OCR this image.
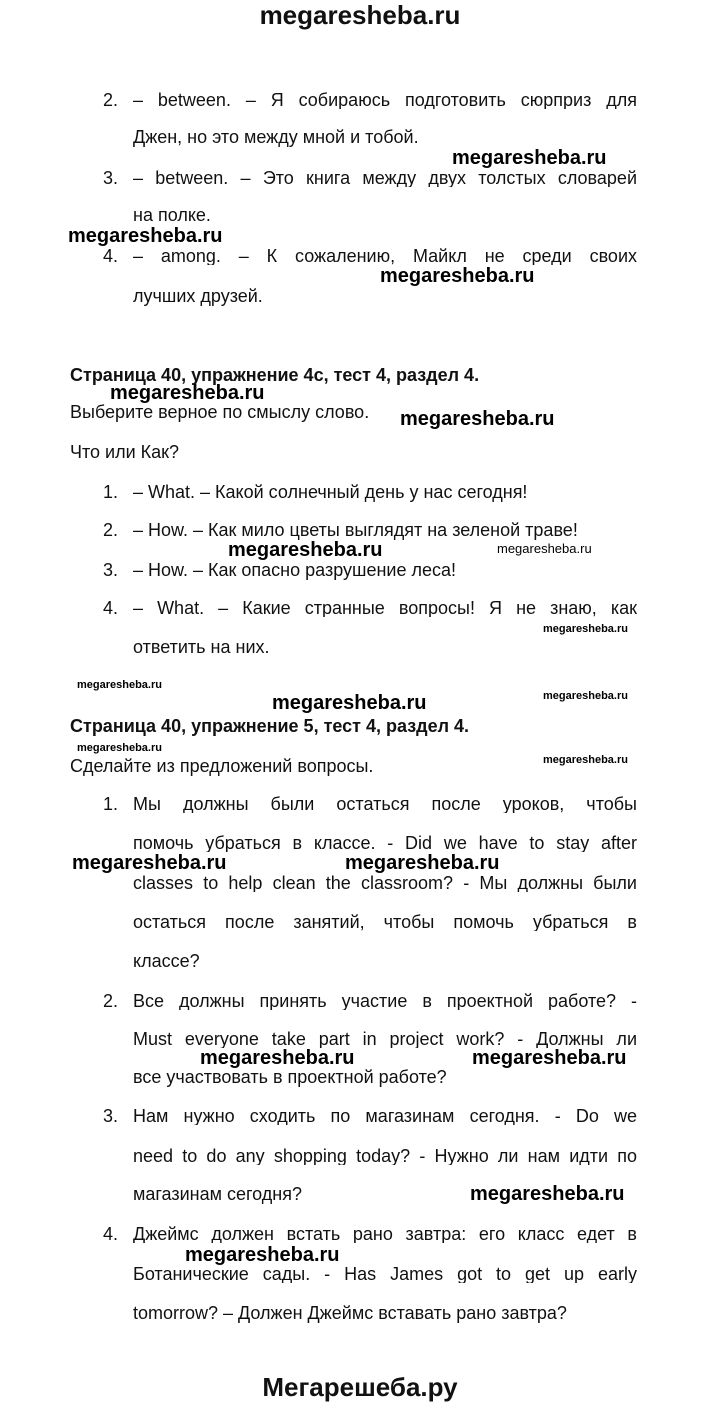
megaresheba.ru
2. – between. – Я собираюсь подготовить сюрприз для
Джен, но это между мной и тобой.
3. – between. – Это книга между двух толстых словарей
на полке.
4. – among. – К сожалению, Майкл не среди своих
лучших друзей.
Страница 40, упражнение 4с, тест 4, раздел 4.
Выберите верное по смыслу слово.
Что или Как?
1. – What. – Какой солнечный день у нас сегодня!
2. – How. – Как мило цветы выглядят на зеленой траве!
3. – How. – Как опасно разрушение леса!
4. – What. – Какие странные вопросы! Я не знаю, как
ответить на них.
Страница 40, упражнение 5, тест 4, раздел 4.
Сделайте из предложений вопросы.
1. Мы должны были остаться после уроков, чтобы
помочь убраться в классе. - Did we have to stay after
classes to help clean the classroom? - Мы должны были
остаться после занятий, чтобы помочь убраться в
классе?
2. Все должны принять участие в проектной работе? -
Must everyone take part in project work? - Должны ли
все участвовать в проектной работе?
3. Нам нужно сходить по магазинам сегодня. - Do we
need to do any shopping today? - Нужно ли нам идти по
магазинам сегодня?
4. Джеймс должен встать рано завтра: его класс едет в
Ботанические сады. - Has James got to get up early
tomorrow? – Должен Джеймс вставать рано завтра?
megaresheba.ru
megaresheba.ru
megaresheba.ru
megaresheba.ru
megaresheba.ru
megaresheba.ru	megaresheba.ru
megaresheba.ru
megaresheba.ru
megaresheba.ru	megaresheba.ru
megaresheba.ru
megaresheba.ru
megaresheba.ru	megaresheba.ru
megaresheba.ru	megaresheba.ru
megaresheba.ru
megaresheba.ru
Мегарешеба.ру
